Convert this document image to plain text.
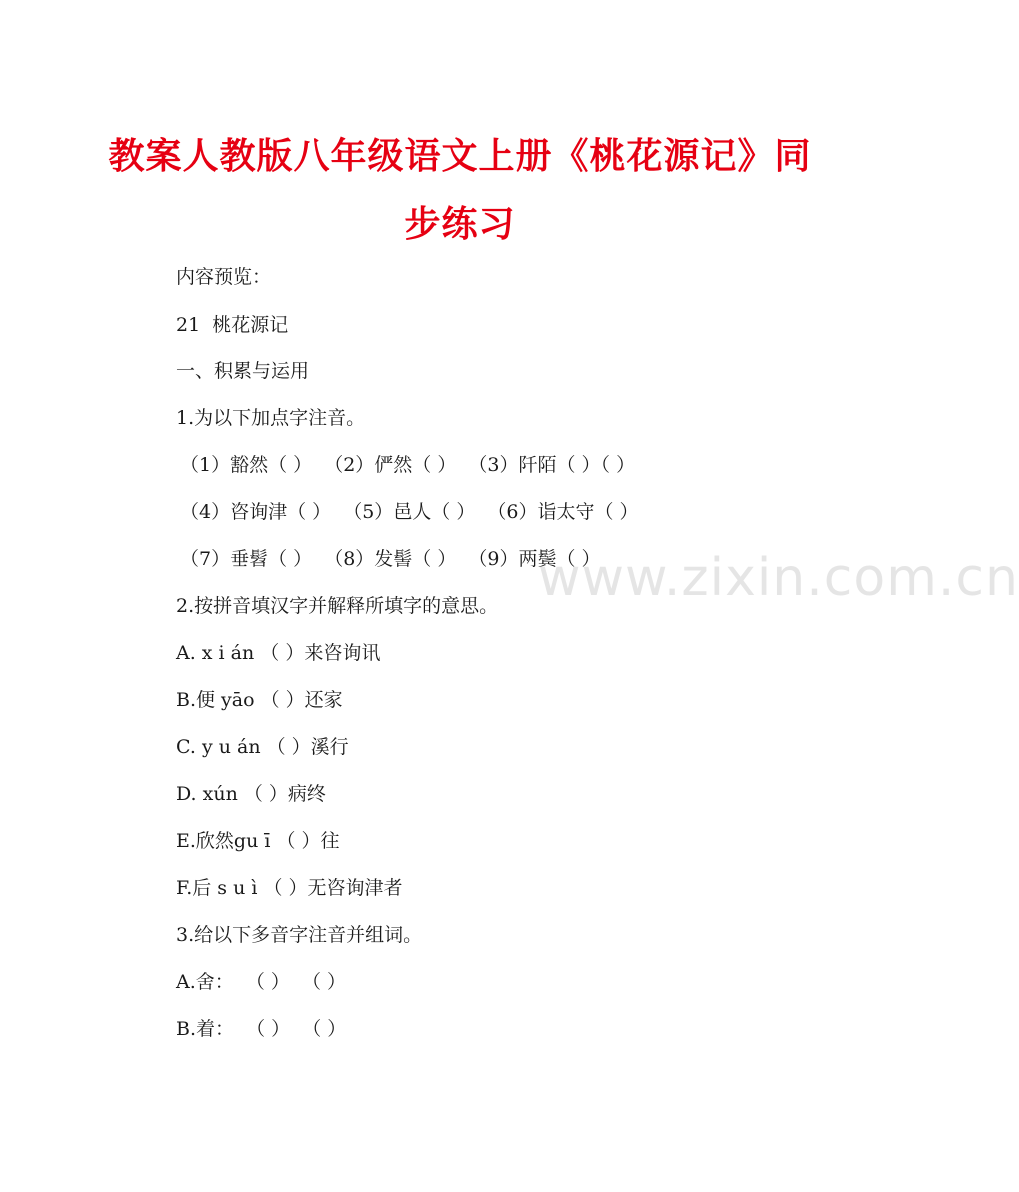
教案人教版八年级语文上册《桃花源记》同
步练习

内容预览：

21  桃花源记

一、积累与运用

1.为以下加点字注音。

（1）豁然（ ）  （2）俨然（ ）  （3）阡陌（ ）（ ）

（4）咨询津（ ）  （5）邑人（ ）  （6）诣太守（ ）

（7）垂髫（ ）  （8）发髻（ ）  （9）两鬓（ ）

2.按拼音填汉字并解释所填字的意思。

A. x i án （ ）来咨询讯

B.便 yāo （ ）还家

C. y u án （ ）溪行

D. xún （ ）病终

E.欣然gu ī （ ）往

F.后 s u ì （ ）无咨询津者

3.给以下多音字注音并组词。

A.舍：  （ ）  （ ）

B.着：  （ ）  （ ）

www.zixin.com.cn
